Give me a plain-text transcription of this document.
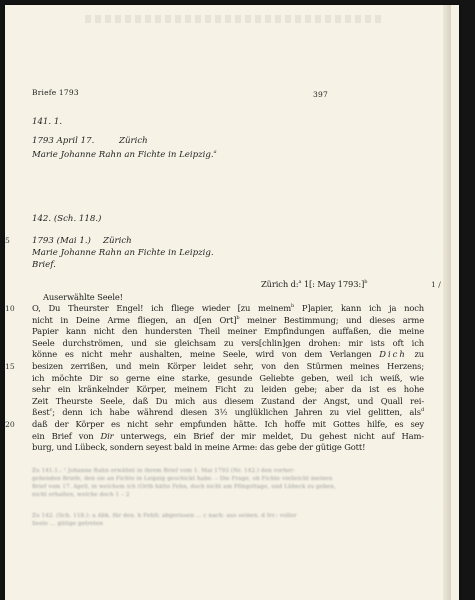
Briefe 1793	397
141. 1.
1793 April 17.	Zürich
Marie Johanne Rahn an Fichte in Leipzig.$^a$
142. (Sch. 118.)
5	1793 (Mai 1.) Zürich
Marie Johanne Rahn an Fichte in Leipzig.
Brief.
Zürich d:$^a$ 1[: May 1793:]$^b$	1 /
Auserwählte Seele!
10 O, Du Theurster Engel! ich fliege wieder [zu meinem$^b$ P]apier, kann ich ja noch
nicht in Deine Arme fliegen, an d[en Ort]$^b$ meiner Bestimmung; und dieses arme
Papier kann nicht den hundersten Theil meiner Empfindungen auffaßen, die meine
Seele durchströmen, und sie gleichsam zu vers[chlin]gen drohen: mir ists oft ich
könne es nicht mehr aushalten, meine Seele, wird von dem Verlangen Dich zu
15 besizen zerrißen, und mein Körper leidet sehr, von den Stürmen meines Herzens;
ich möchte Dir so gerne eine starke, gesunde Geliebte geben, weil ich weiß, wie
sehr ein kränkelnder Körper, meinem Ficht zu leiden gebe; aber da ist es hohe
Zeit Theurste Seele, daß Du mich aus diesem Zustand der Angst, und Quall rei-
ßest$^c$; denn ich habe während diesen 3½ unglüklichen Jahren zu viel gelitten, als$^d$
20 daß der Körper es nicht sehr empfunden hätte. Ich hoffe mit Gottes hilfe, es sey
ein Brief von Dir unterwegs, ein Brief der mir meldet, Du gehest nicht auf Ham-
burg, und Lübeck, sondern seyest bald in meine Arme: das gebe der gütige Gott!
Zu 141.1.: ¹ Johanne Rahn erwähnt in ihrem Brief vom 1. Mai 1793 (Nr. 142.) den vorher-
gehenden Briefe, den sie an Fichte in Leipzig geschickt habe. – Die Frage, ob Fichte vielleicht meinen
Brief vom 17. April, in welchem ich (Ortb hätte Fehn, doch nicht am Pfingsttage, und Lübeck zu geben,
nicht erhalten, welche doch 1 – 2
Zu 142. (Sch. 118.): a Abk. für den. b Fehlt: abgerissen ... c nach: aus seinen. d Irr.: voller
Seele ... gütige getreten
